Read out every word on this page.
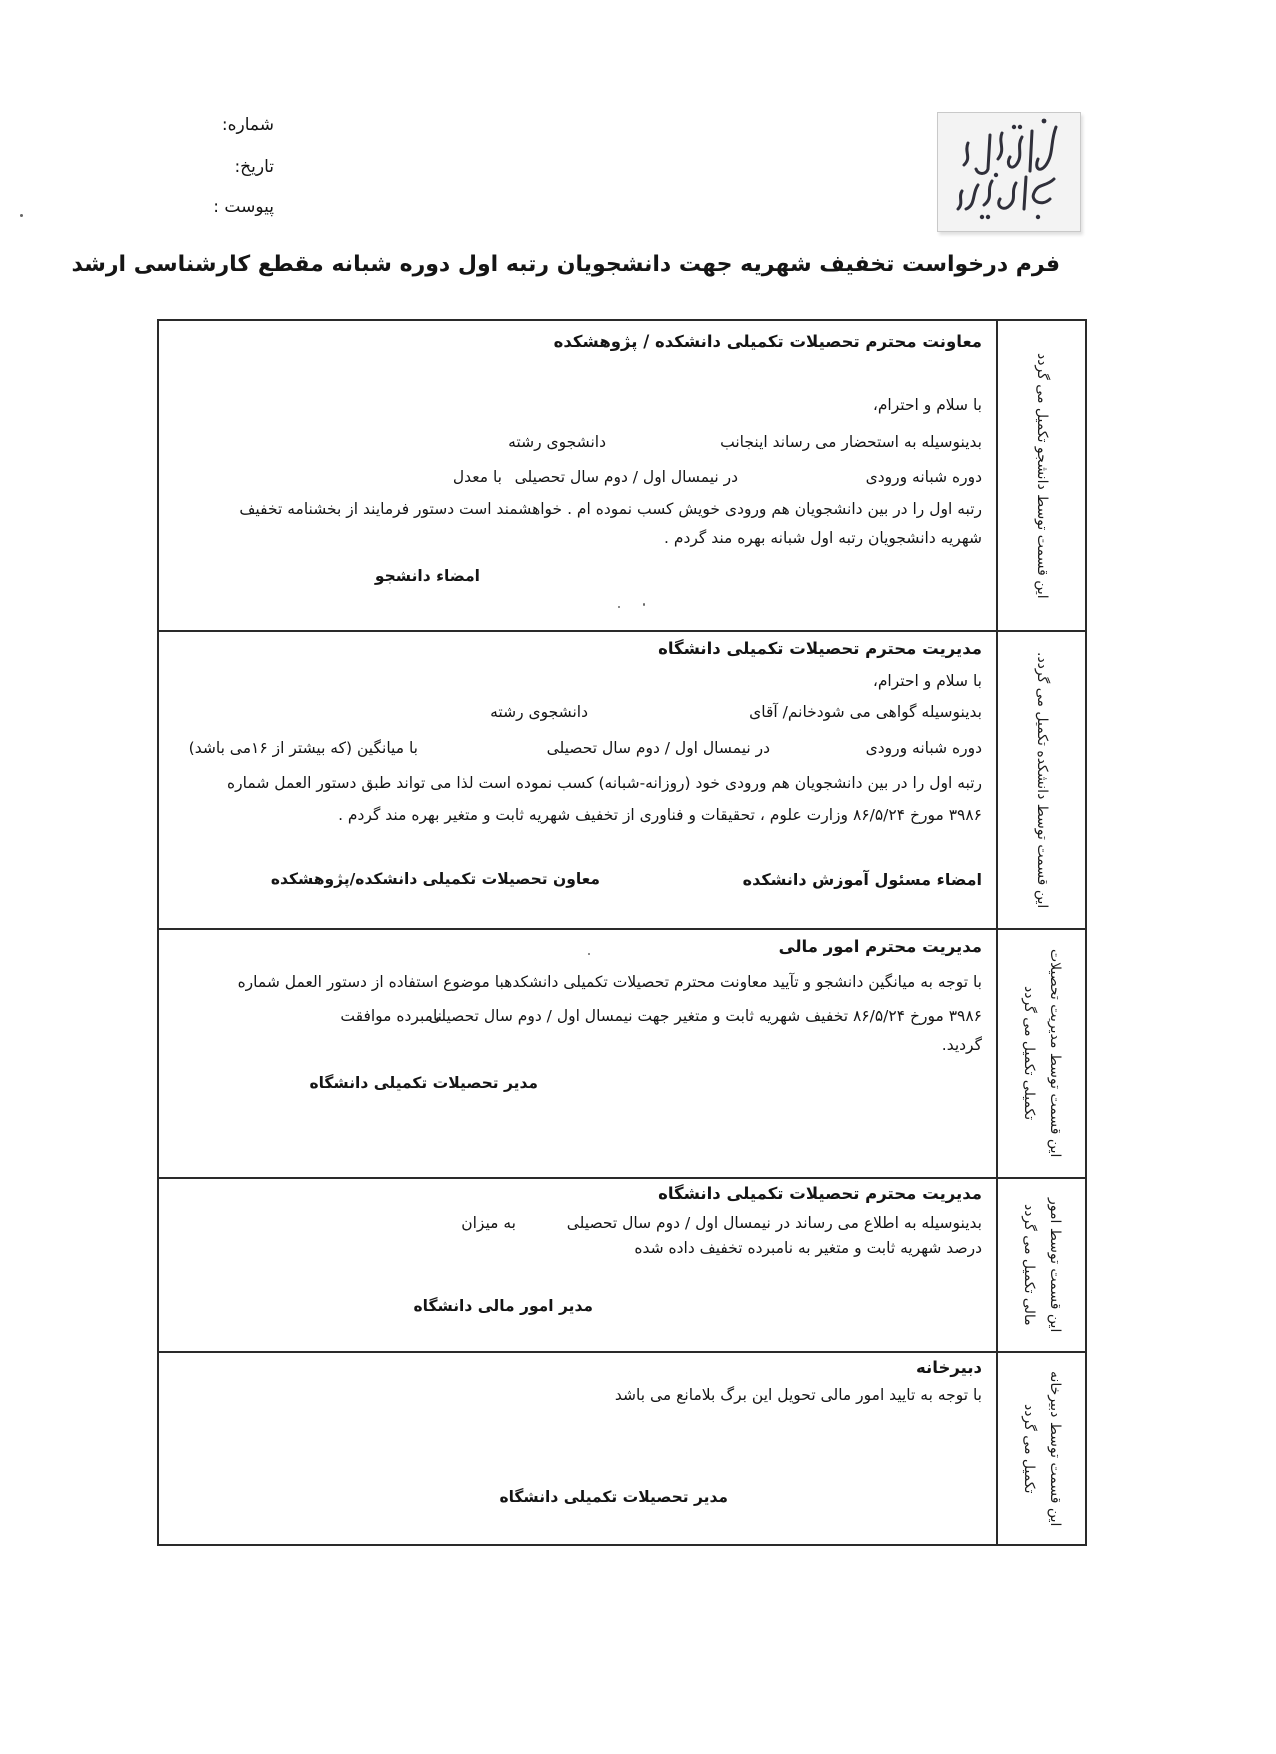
شماره:
تاریخ:
پیوست :
فرم درخواست تخفیف شهریه جهت دانشجویان رتبه اول دوره شبانه مقطع کارشناسی ارشد
معاونت محترم تحصیلات تکمیلی دانشکده / پژوهشکده
با سلام و احترام،
بدینوسیله به استحضار می رساند اینجانب
دانشجوی رشته
دوره شبانه ورودی
در نیمسال اول / دوم سال تحصیلی
با معدل
رتبه اول را در بین دانشجویان هم ورودی خویش کسب نموده ام . خواهشمند است دستور فرمایند از بخشنامه تخفیف
شهریه دانشجویان رتبه اول شبانه بهره مند گردم .
امضاء دانشجو	این قسمت توسط دانشجو تکمیل می گردد
مدیریت محترم تحصیلات تکمیلی دانشگاه
با سلام و احترام،
بدینوسیله گواهی می شودخانم/ آقای
دانشجوی رشته
دوره شبانه ورودی
در نیمسال اول / دوم سال تحصیلی
با میانگین (که بیشتر از ۱۶می باشد)
رتبه اول را در بین دانشجویان هم ورودی خود (روزانه-شبانه) کسب نموده است لذا می تواند طبق دستور العمل شماره
۳۹۸۶ مورخ ۸۶/۵/۲۴ وزارت علوم ، تحقیقات و فناوری از تخفیف شهریه ثابت و متغیر بهره مند گردم .
امضاء مسئول آموزش دانشکده
معاون تحصیلات تکمیلی دانشکده/پژوهشکده	این قسمت توسط دانشکده تکمیل می گردد.
مدیریت محترم امور مالی
با توجه به میانگین دانشجو و تآیید معاونت محترم تحصیلات تکمیلی دانشکدهبا موضوع استفاده از دستور العمل شماره
۳۹۸۶ مورخ ۸۶/۵/۲۴ تخفیف شهریه ثابت و متغیر جهت نیمسال اول / دوم سال تحصیلی
نامبرده موافقت
گردید.
مدیر تحصیلات تکمیلی دانشگاه	این قسمت توسط مدیریت تحصیلات تکمیلی تکمیل می گردد
مدیریت محترم تحصیلات تکمیلی دانشگاه
بدینوسیله به اطلاع می رساند در نیمسال اول / دوم سال تحصیلی
به میزان
درصد شهریه ثابت و متغیر به نامبرده تخفیف داده شده
مدیر امور مالی دانشگاه	این قسمت توسط امور مالی تکمیل می گردد
دبیرخانه
با توجه به تایید امور مالی تحویل این برگ بلامانع می باشد
مدیر تحصیلات تکمیلی دانشگاه	این قسمت توسط دبیرخانه تکمیل می گردد
